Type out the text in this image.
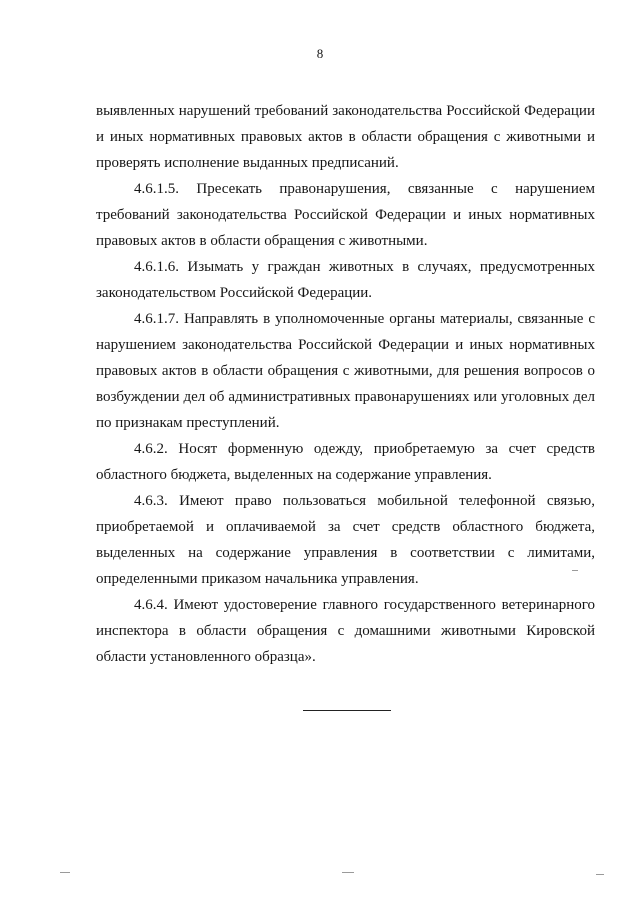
8

выявленных нарушений требований законодательства Российской Федерации и иных нормативных правовых актов в области обращения с животными и проверять исполнение выданных предписаний.

4.6.1.5. Пресекать правонарушения, связанные с нарушением требований законодательства Российской Федерации и иных нормативных правовых актов в области обращения с животными.

4.6.1.6. Изымать у граждан животных в случаях, предусмотренных законодательством Российской Федерации.

4.6.1.7. Направлять в уполномоченные органы материалы, связанные с нарушением законодательства Российской Федерации и иных нормативных правовых актов в области обращения с животными, для решения вопросов о возбуждении дел об административных правонарушениях или уголовных дел по признакам преступлений.

4.6.2. Носят форменную одежду, приобретаемую за счет средств областного бюджета, выделенных на содержание управления.

4.6.3. Имеют право пользоваться мобильной телефонной связью, приобретаемой и оплачиваемой за счет средств областного бюджета, выделенных на содержание управления в соответствии с лимитами, определенными приказом начальника управления.

4.6.4. Имеют удостоверение главного государственного ветеринарного инспектора в области обращения с домашними животными Кировской области установленного образца».
